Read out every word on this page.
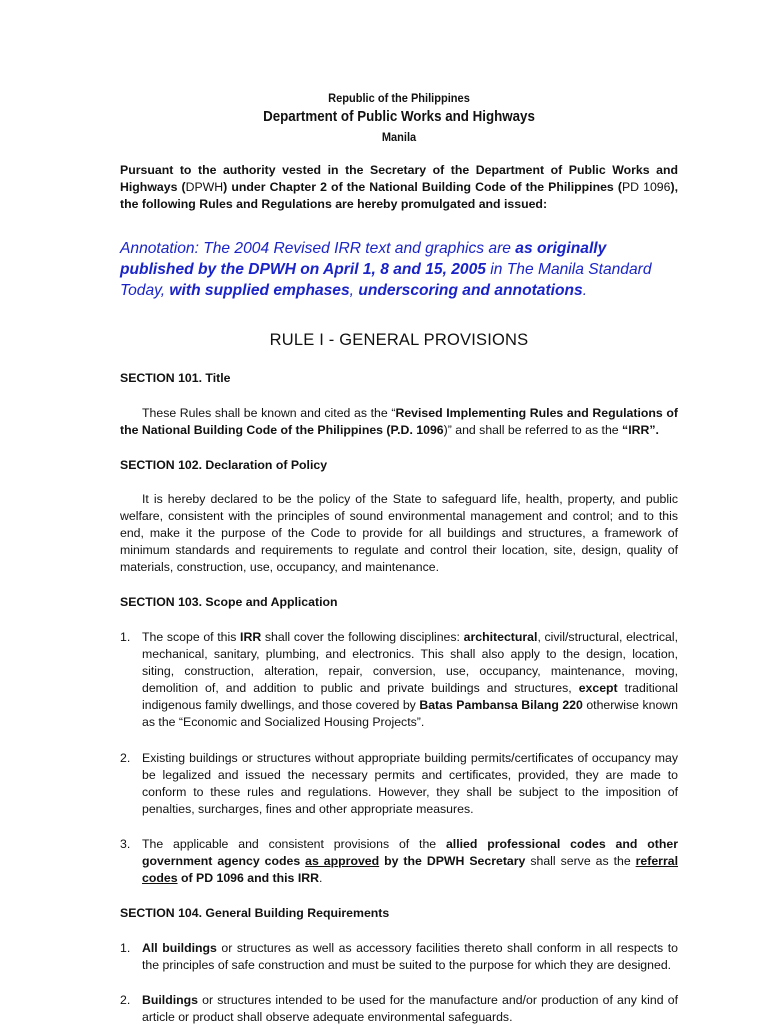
Republic of the Philippines
Department of Public Works and Highways
Manila
Pursuant to the authority vested in the Secretary of the Department of Public Works and Highways (DPWH) under Chapter 2 of the National Building Code of the Philippines (PD 1096), the following Rules and Regulations are hereby promulgated and issued:
Annotation: The 2004 Revised IRR text and graphics are as originally published by the DPWH on April 1, 8 and 15, 2005 in The Manila Standard Today, with supplied emphases, underscoring and annotations.
RULE I - GENERAL PROVISIONS
SECTION 101. Title
These Rules shall be known and cited as the “Revised Implementing Rules and Regulations of the National Building Code of the Philippines (P.D. 1096)” and shall be referred to as the “IRR”.
SECTION 102. Declaration of Policy
It is hereby declared to be the policy of the State to safeguard life, health, property, and public welfare, consistent with the principles of sound environmental management and control; and to this end, make it the purpose of the Code to provide for all buildings and structures, a framework of minimum standards and requirements to regulate and control their location, site, design, quality of materials, construction, use, occupancy, and maintenance.
SECTION 103. Scope and Application
1. The scope of this IRR shall cover the following disciplines: architectural, civil/structural, electrical, mechanical, sanitary, plumbing, and electronics. This shall also apply to the design, location, siting, construction, alteration, repair, conversion, use, occupancy, maintenance, moving, demolition of, and addition to public and private buildings and structures, except traditional indigenous family dwellings, and those covered by Batas Pambansa Bilang 220 otherwise known as the “Economic and Socialized Housing Projects”.
2. Existing buildings or structures without appropriate building permits/certificates of occupancy may be legalized and issued the necessary permits and certificates, provided, they are made to conform to these rules and regulations. However, they shall be subject to the imposition of penalties, surcharges, fines and other appropriate measures.
3. The applicable and consistent provisions of the allied professional codes and other government agency codes as approved by the DPWH Secretary shall serve as the referral codes of PD 1096 and this IRR.
SECTION 104. General Building Requirements
1. All buildings or structures as well as accessory facilities thereto shall conform in all respects to the principles of safe construction and must be suited to the purpose for which they are designed.
2. Buildings or structures intended to be used for the manufacture and/or production of any kind of article or product shall observe adequate environmental safeguards.
